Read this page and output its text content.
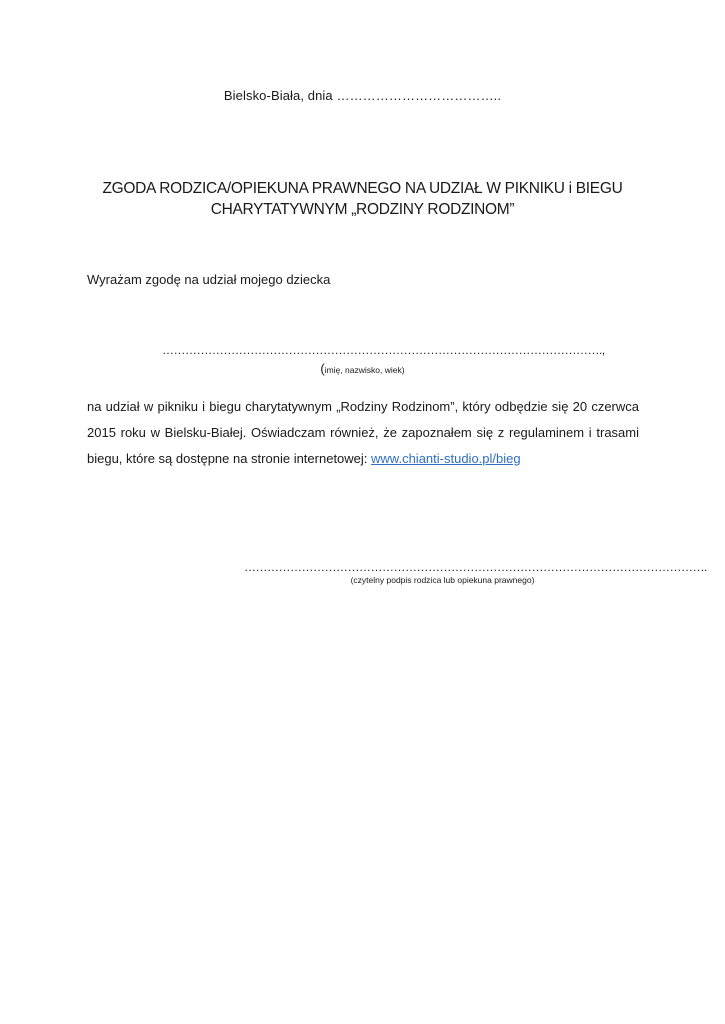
Bielsko-Biała, dnia ………………………………..
ZGODA RODZICA/OPIEKUNA PRAWNEGO NA UDZIAŁ W PIKNIKU i BIEGU
CHARYTATYWNYM „RODZINY RODZINOM”
Wyrażam zgodę na udział mojego dziecka
…………………………………………………………………………………………………….,
(imię, nazwisko, wiek)
na udział w pikniku i biegu charytatywnym „Rodziny Rodzinom”, który odbędzie się 20 czerwca 2015 roku w Bielsku-Białej. Oświadczam również, że zapoznałem się z regulaminem i trasami biegu, które są dostępne na stronie internetowej: www.chianti-studio.pl/bieg
………………………………………………………………………………………………………….
(czytelny podpis rodzica lub opiekuna prawnego)
